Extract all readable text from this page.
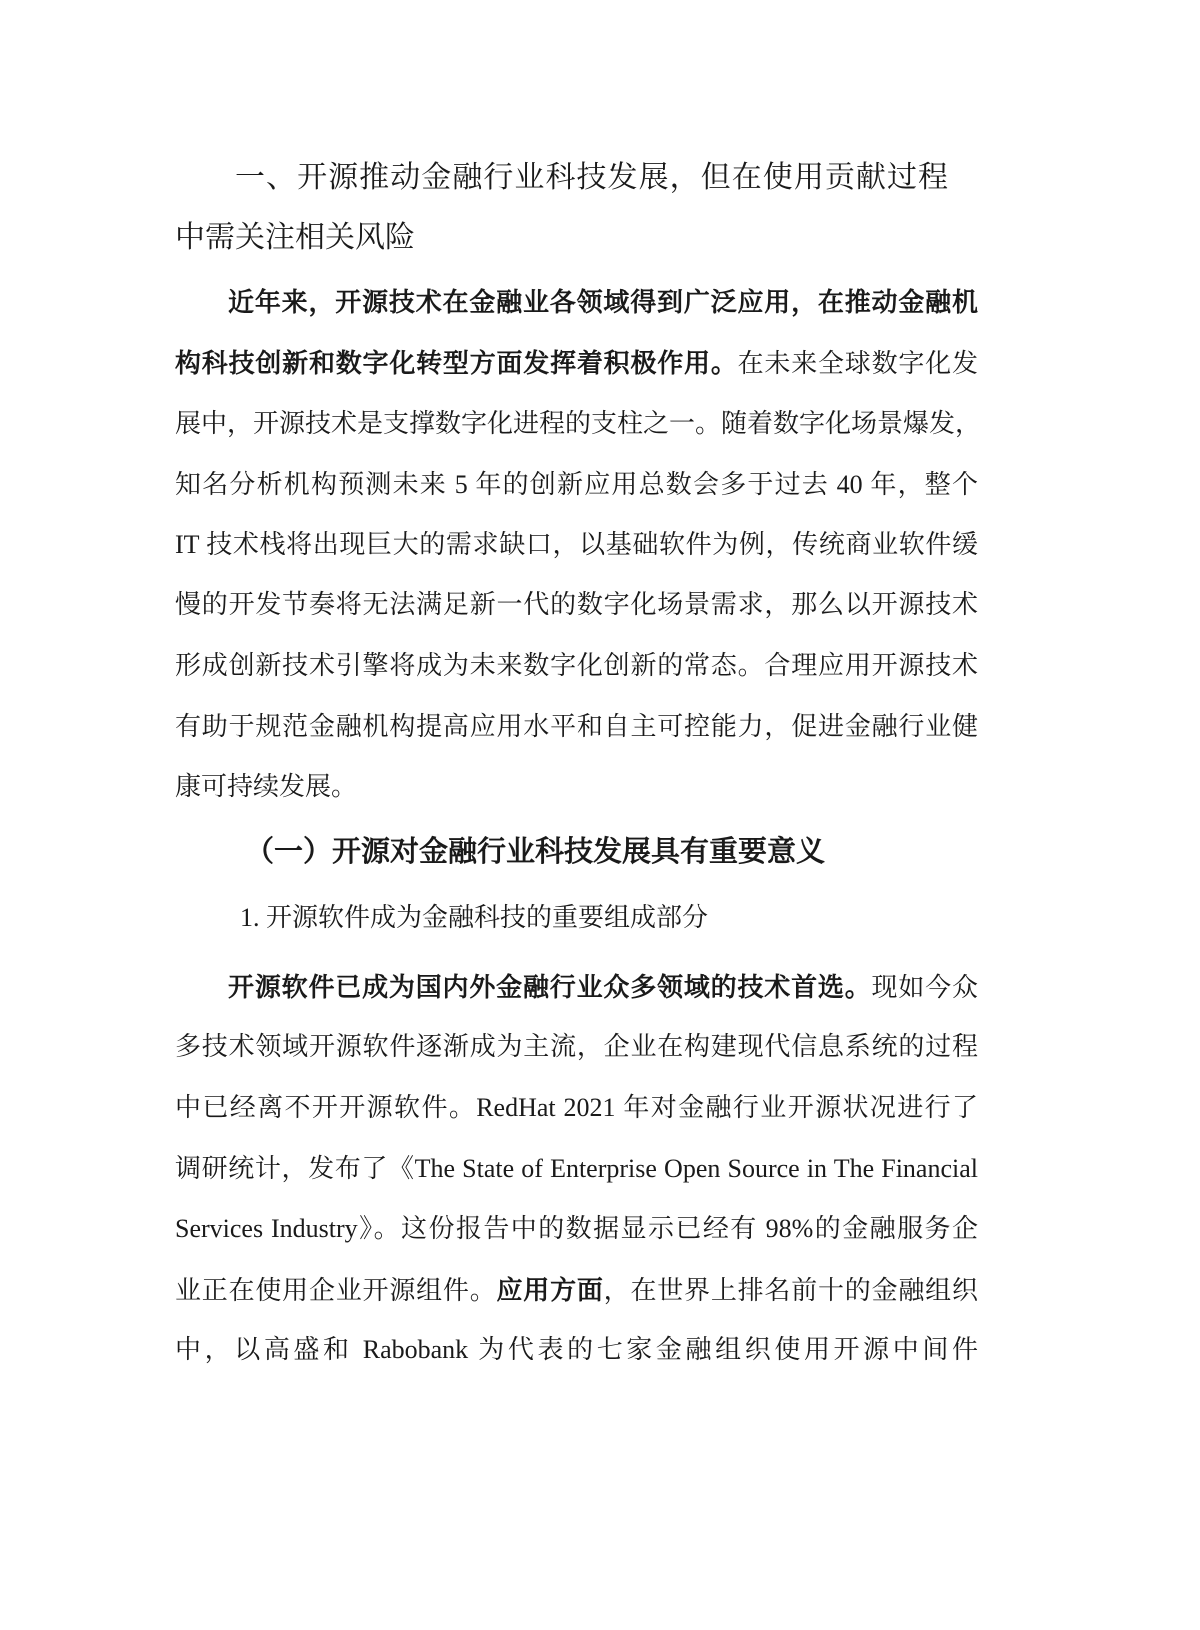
一、开源推动金融行业科技发展，但在使用贡献过程
中需关注相关风险
近年来，开源技术在金融业各领域得到广泛应用，在推动金融机
构科技创新和数字化转型方面发挥着积极作用。在未来全球数字化发
展中，开源技术是支撑数字化进程的支柱之一。随着数字化场景爆发，
知名分析机构预测未来 5 年的创新应用总数会多于过去 40 年，整个
IT 技术栈将出现巨大的需求缺口，以基础软件为例，传统商业软件缓
慢的开发节奏将无法满足新一代的数字化场景需求，那么以开源技术
形成创新技术引擎将成为未来数字化创新的常态。合理应用开源技术
有助于规范金融机构提高应用水平和自主可控能力，促进金融行业健
康可持续发展。
（一）开源对金融行业科技发展具有重要意义
1. 开源软件成为金融科技的重要组成部分
开源软件已成为国内外金融行业众多领域的技术首选。现如今众
多技术领域开源软件逐渐成为主流，企业在构建现代信息系统的过程
中已经离不开开源软件。RedHat 2021 年对金融行业开源状况进行了
调研统计，发布了《The State of Enterprise Open Source in The Financial
Services Industry》。这份报告中的数据显示已经有 98%的金融服务企
业正在使用企业开源组件。应用方面，在世界上排名前十的金融组织
中，以高盛和 Rabobank 为代表的七家金融组织使用开源中间件
